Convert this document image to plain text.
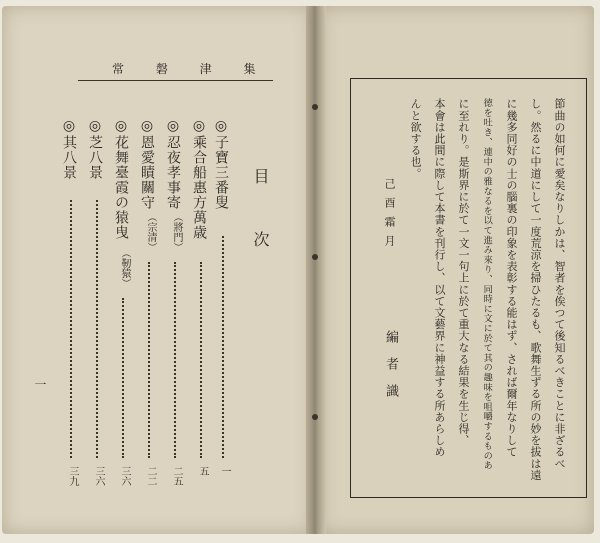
常 磐 津 集
目 次
◎子寶三番叟
一
◎乘合船惠方萬歳
五
◎忍夜孝事寄
（將門）
二五
◎恩愛瞔關守
（宗清）
二二
◎花舞臺霞の猿曳
（靭猿）
三六
◎芝八景
三六
◎其八景
三九
一	節曲の如何に愛矣なりしかは、智者を俟つて後知るべきことに非ざるべ
し。然るに中道にして一度荒涼を掃ひたるも、歌舞生ずる所の妙を拔は遠
に幾多同好の士の腦裏の印象を表彰する能はず、されば爾年なりして
徳を吐き、連中の雅なるを以て進み來り、同時に文に於て其の趣味を咀嚼するものあ
に至れり。是斯界に於て一文一句上に於て重大なる結果を生じ得、
本會は此間に際して本書を刊行し、以て文藝界に神益する所あらしめ
んと欲する也。
己酉霜月
編者識
